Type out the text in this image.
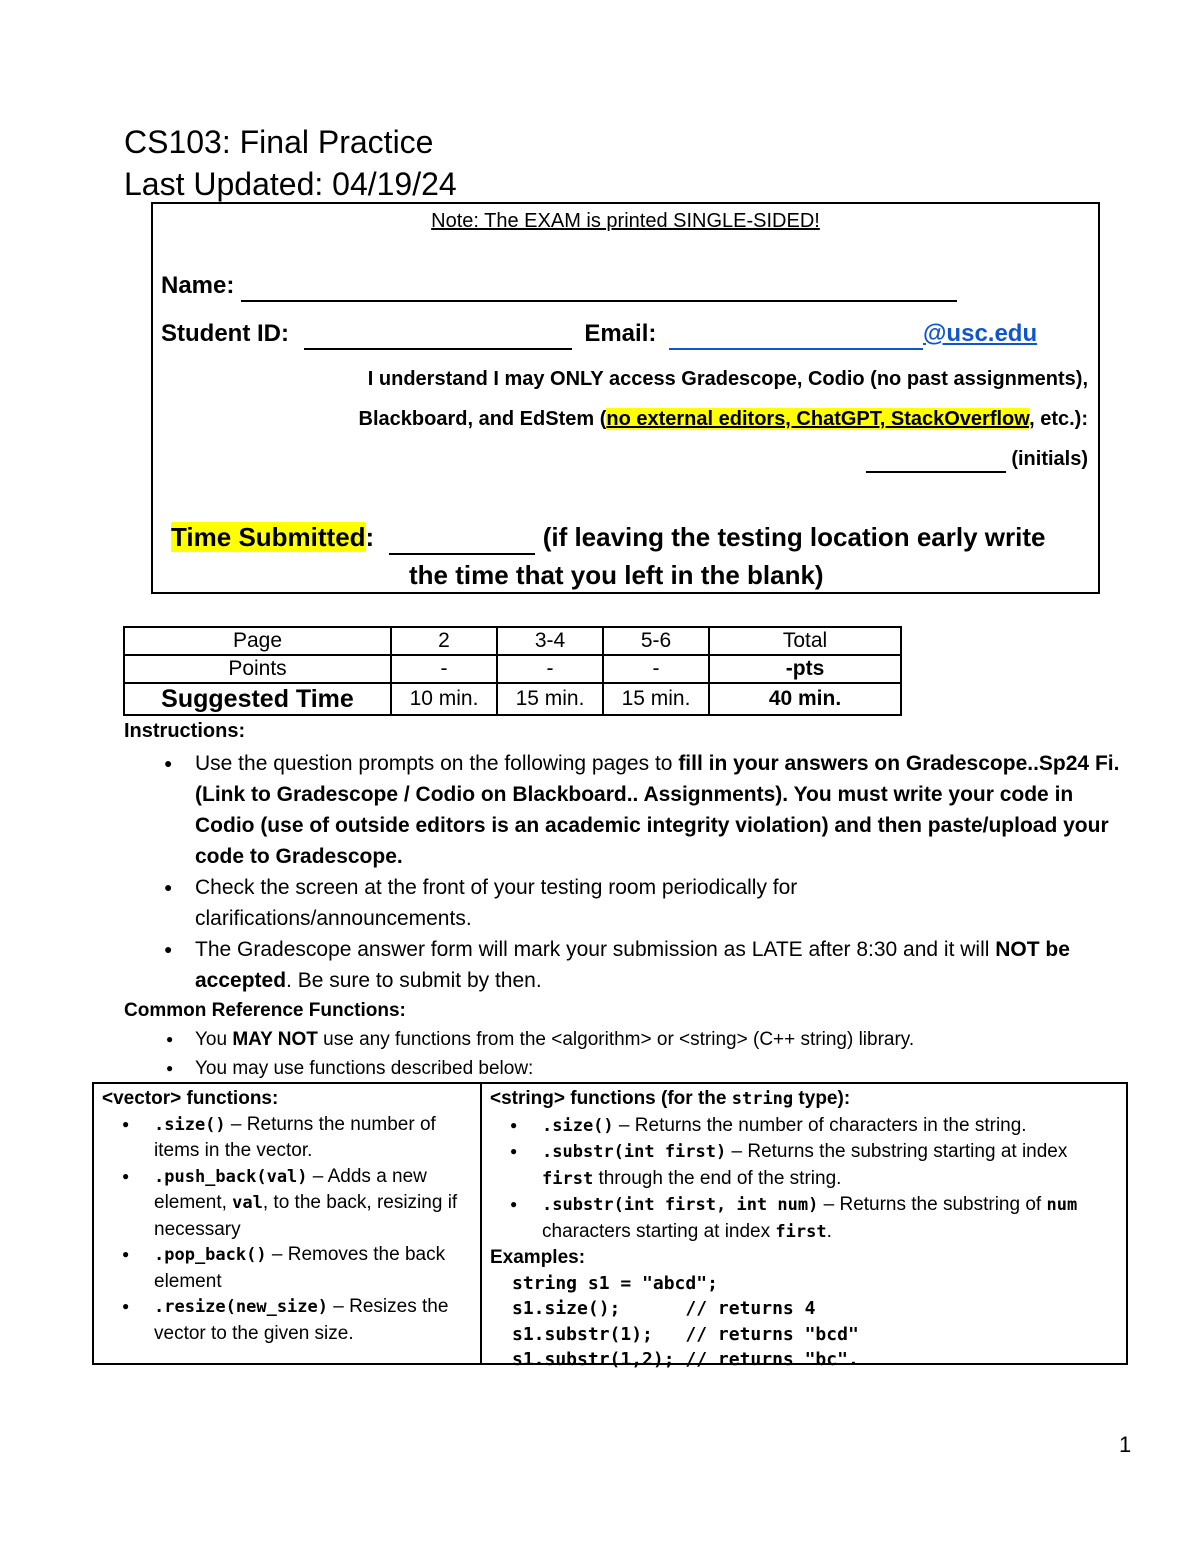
CS103: Final Practice
Last Updated: 04/19/24
Note: The EXAM is printed SINGLE-SIDED!
Name:
Student ID:	Email:	@usc.edu
I understand I may ONLY access Gradescope, Codio (no past assignments),
Blackboard, and EdStem (no external editors, ChatGPT, StackOverflow, etc.):
(initials)
Time Submitted:	(if leaving the testing location early write
the time that you left in the blank)
Page	2	3-4	5-6	Total
Points	-	-	-	-pts
Suggested Time	10 min.	15 min.	15 min.	40 min.
Instructions:
● Use the question prompts on the following pages to fill in your answers on Gradescope..Sp24 Fi. (Link to Gradescope / Codio on Blackboard.. Assignments). You must write your code in Codio (use of outside editors is an academic integrity violation) and then paste/upload your code to Gradescope.
● Check the screen at the front of your testing room periodically for clarifications/announcements.
● The Gradescope answer form will mark your submission as LATE after 8:30 and it will NOT be accepted. Be sure to submit by then.
Common Reference Functions:
● You MAY NOT use any functions from the <algorithm> or <string> (C++ string) library.
● You may use functions described below:
<vector> functions:
● .size() – Returns the number of items in the vector.
● .push_back(val) – Adds a new element, val, to the back, resizing if necessary
● .pop_back() – Removes the back element
● .resize(new_size) – Resizes the vector to the given size.
<string> functions (for the string type):
● .size() – Returns the number of characters in the string.
● .substr(int first) – Returns the substring starting at index first through the end of the string.
● .substr(int first, int num) – Returns the substring of num characters starting at index first.
Examples:
string s1 = "abcd";
s1.size();      // returns 4
s1.substr(1);   // returns "bcd"
s1.substr(1,2); // returns "bc".
1
